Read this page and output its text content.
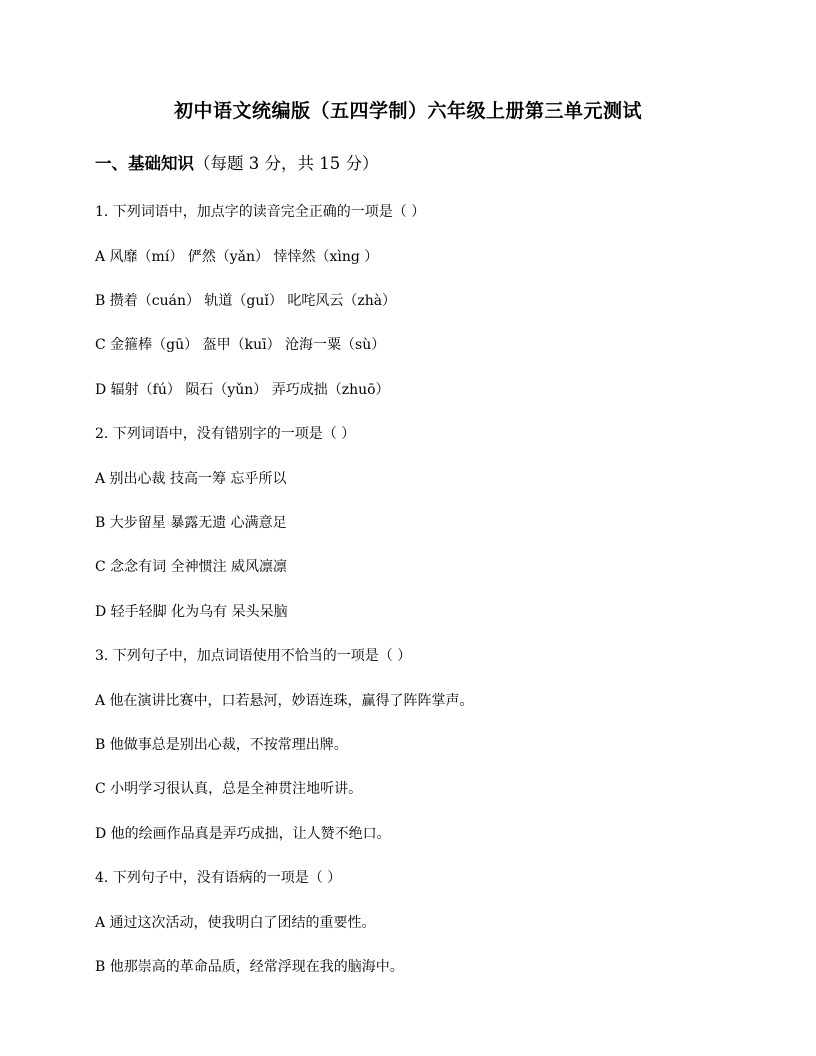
初中语文统编版（五四学制）六年级上册第三单元测试
一、基础知识（每题 3 分，共 15 分）
1. 下列词语中，加点字的读音完全正确的一项是（ ）
A 风靡（mí） 俨然（yǎn） 悻悻然（xìng ）
B 攒着（cuán） 轨道（guǐ） 叱咤风云（zhà）
C 金箍棒（gū） 盔甲（kuī） 沧海一粟（sù）
D 辐射（fú） 陨石（yǔn） 弄巧成拙（zhuō）
2. 下列词语中，没有错别字的一项是（ ）
A 别出心裁 技高一筹 忘乎所以
B 大步留星 暴露无遗 心满意足
C 念念有词 全神惯注 威风凛凛
D 轻手轻脚 化为乌有 呆头呆脑
3. 下列句子中，加点词语使用不恰当的一项是（ ）
A 他在演讲比赛中，口若悬河，妙语连珠，赢得了阵阵掌声。
B 他做事总是别出心裁，不按常理出牌。
C 小明学习很认真，总是全神贯注地听讲。
D 他的绘画作品真是弄巧成拙，让人赞不绝口。
4. 下列句子中，没有语病的一项是（ ）
A 通过这次活动，使我明白了团结的重要性。
B 他那崇高的革命品质，经常浮现在我的脑海中。
